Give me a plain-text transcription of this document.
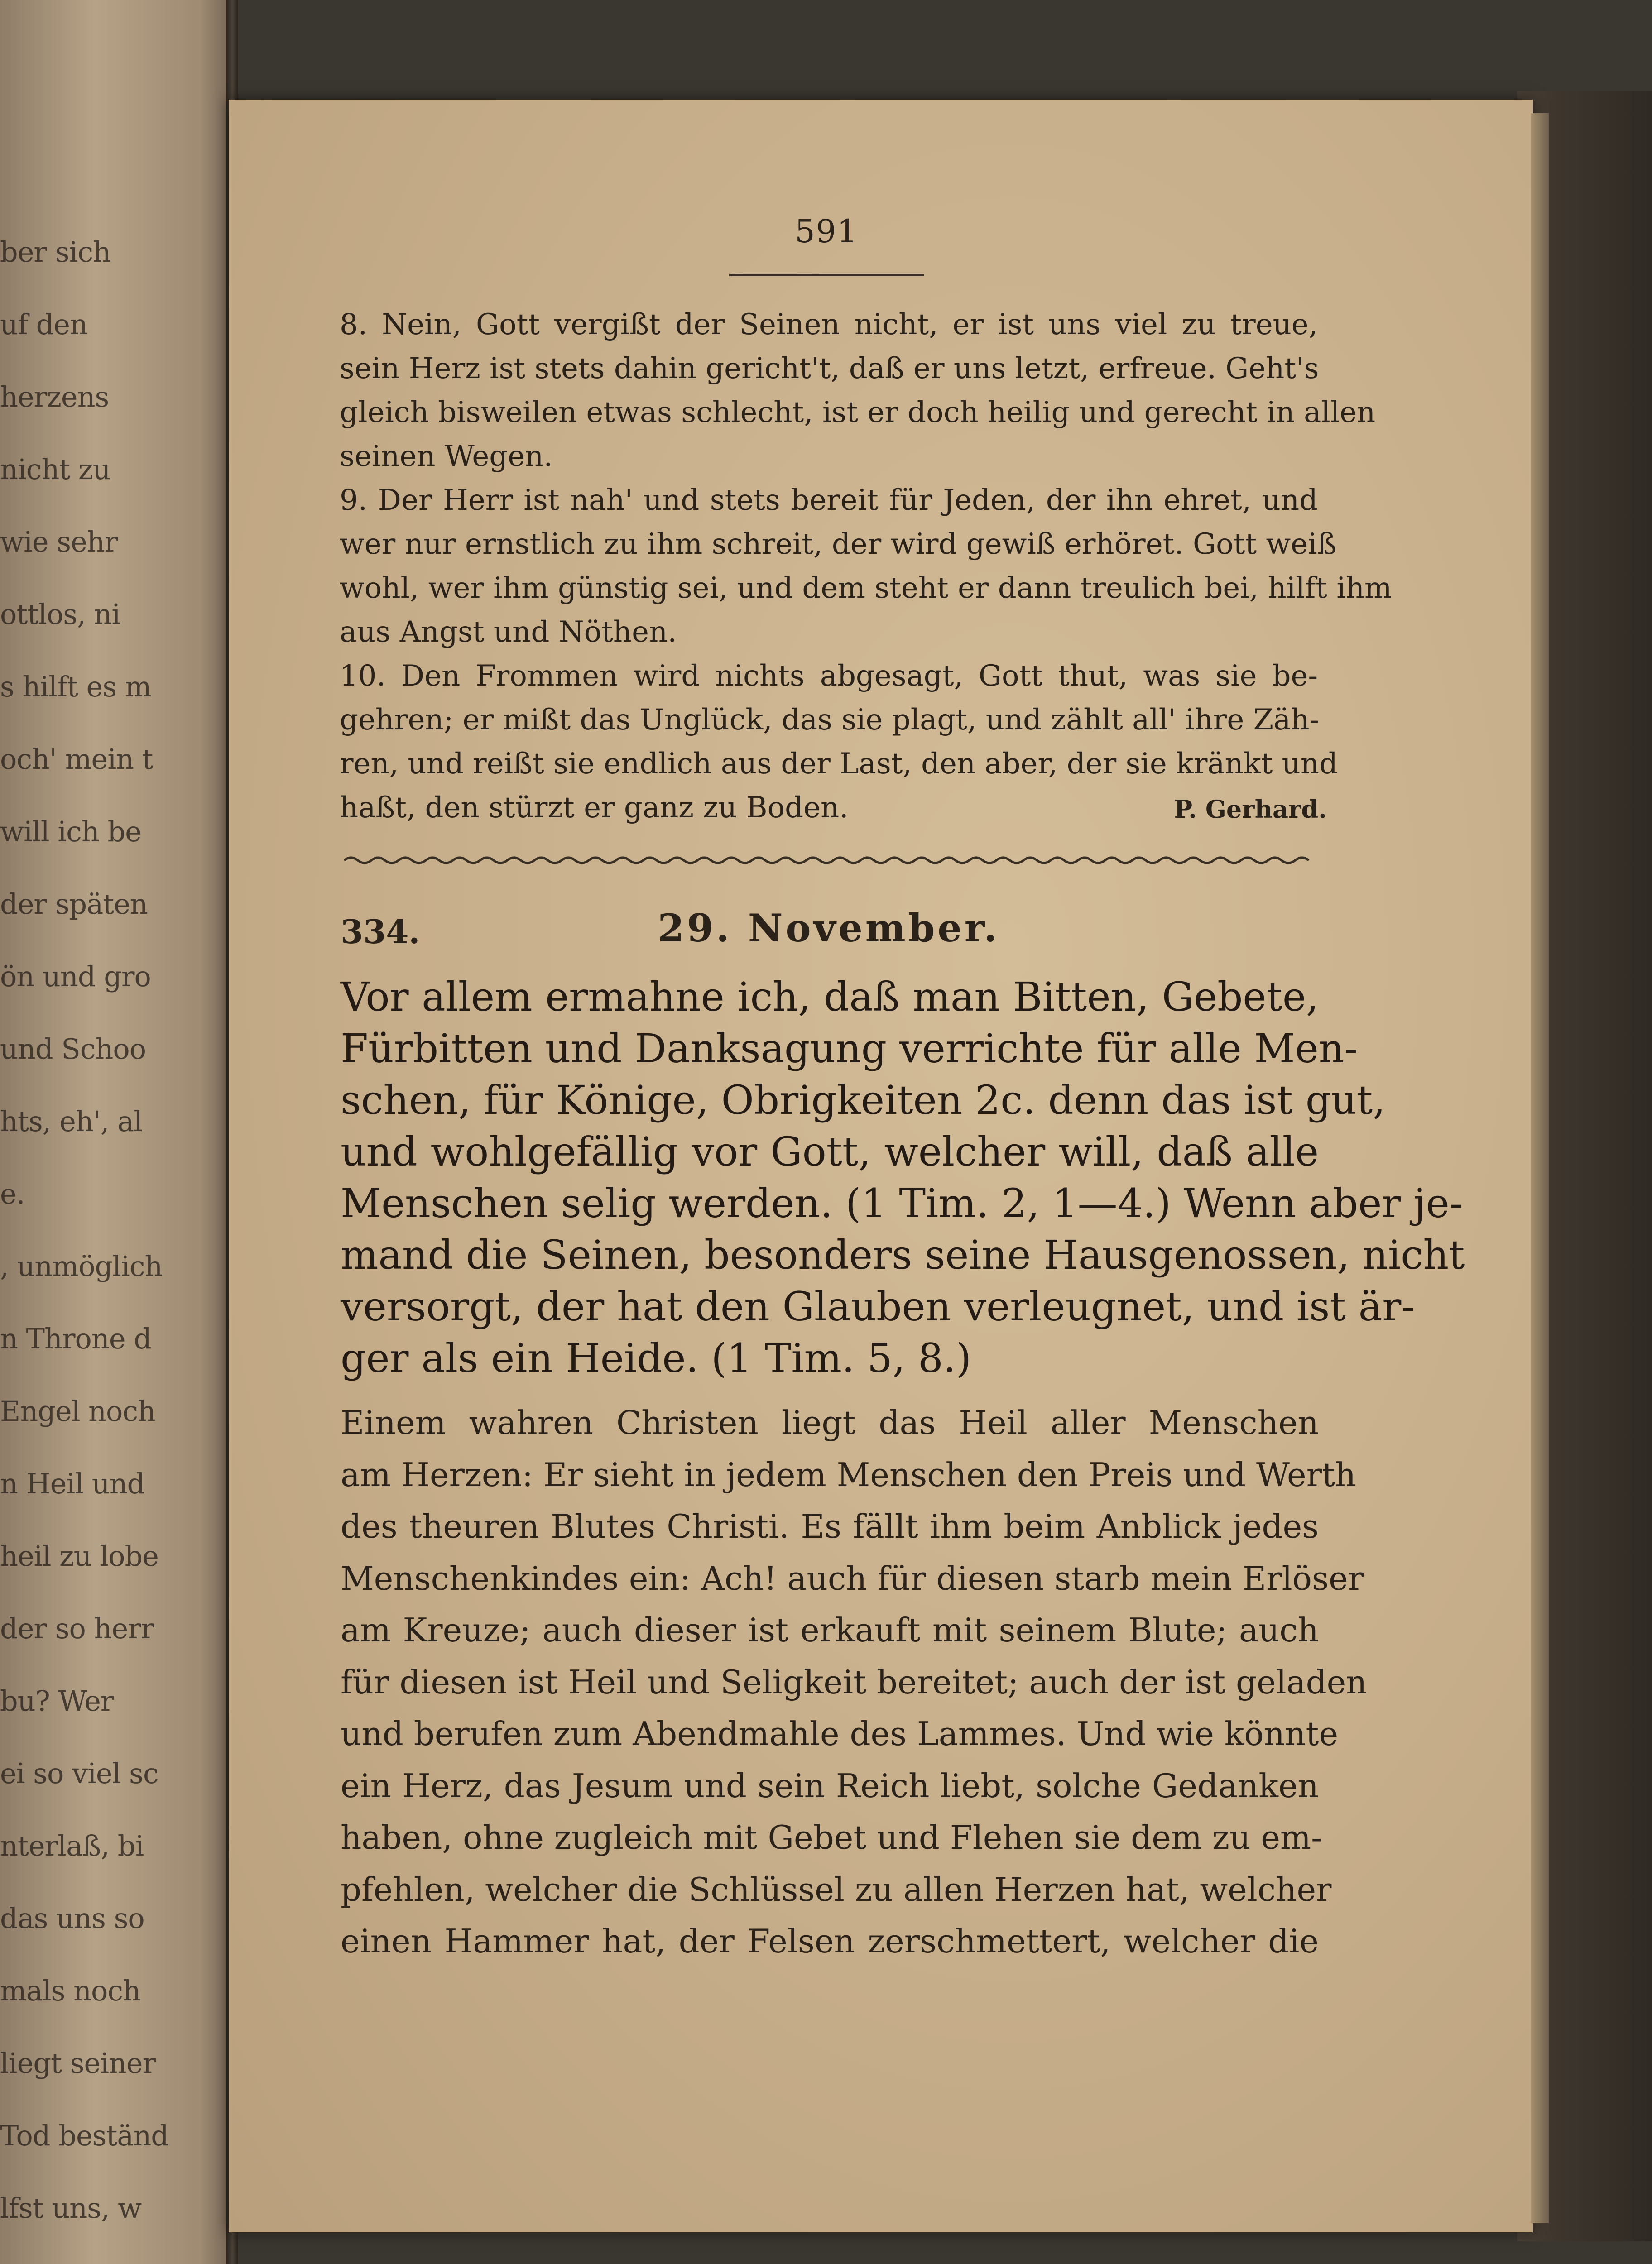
ber sich
uf den
herzens
nicht zu
wie sehr
ottlos, ni
s hilft es m
och' mein t
will ich be
der späten
ön und gro
und Schoo
hts, eh', al
e.
, unmöglich
n Throne d
Engel noch
n Heil und
heil zu lobe
der so herr
bu? Wer
ei so viel sc
nterlaß, bi
das uns so
mals noch
liegt seiner
Tod beständ
lfst uns, w
591
8. Nein, Gott vergißt der Seinen nicht, er ist uns viel zu treue,
sein Herz ist stets dahin gericht't, daß er uns letzt, erfreue. Geht's
gleich bisweilen etwas schlecht, ist er doch heilig und gerecht in allen
seinen Wegen.
9. Der Herr ist nah' und stets bereit für Jeden, der ihn ehret, und
wer nur ernstlich zu ihm schreit, der wird gewiß erhöret. Gott weiß
wohl, wer ihm günstig sei, und dem steht er dann treulich bei, hilft ihm
aus Angst und Nöthen.
10. Den Frommen wird nichts abgesagt, Gott thut, was sie be-
gehren; er mißt das Unglück, das sie plagt, und zählt all' ihre Zäh-
ren, und reißt sie endlich aus der Last, den aber, der sie kränkt und
haßt, den stürzt er ganz zu Boden.	P. Gerhard.
334.	29. November.
Vor allem ermahne ich, daß man Bitten, Gebete,
Fürbitten und Danksagung verrichte für alle Men-
schen, für Könige, Obrigkeiten 2c. denn das ist gut,
und wohlgefällig vor Gott, welcher will, daß alle
Menschen selig werden. (1 Tim. 2, 1—4.) Wenn aber je-
mand die Seinen, besonders seine Hausgenossen, nicht
versorgt, der hat den Glauben verleugnet, und ist är-
ger als ein Heide. (1 Tim. 5, 8.)
Einem wahren Christen liegt das Heil aller Menschen
am Herzen: Er sieht in jedem Menschen den Preis und Werth
des theuren Blutes Christi. Es fällt ihm beim Anblick jedes
Menschenkindes ein: Ach! auch für diesen starb mein Erlöser
am Kreuze; auch dieser ist erkauft mit seinem Blute; auch
für diesen ist Heil und Seligkeit bereitet; auch der ist geladen
und berufen zum Abendmahle des Lammes. Und wie könnte
ein Herz, das Jesum und sein Reich liebt, solche Gedanken
haben, ohne zugleich mit Gebet und Flehen sie dem zu em-
pfehlen, welcher die Schlüssel zu allen Herzen hat, welcher
einen Hammer hat, der Felsen zerschmettert, welcher die
